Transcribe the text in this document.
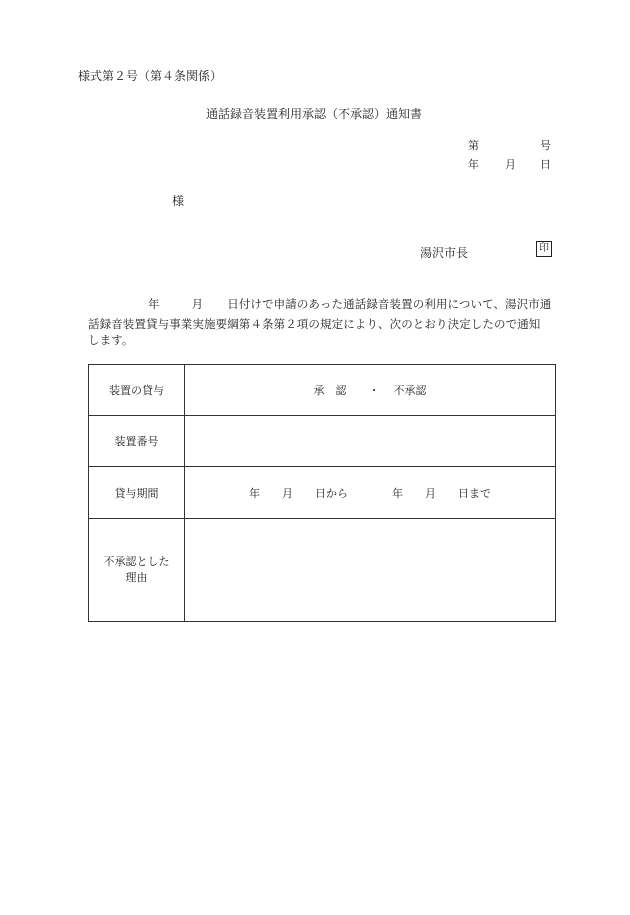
様式第２号（第４条関係）
通話録音装置利用承認（不承認）通知書
第	号
年 月 日
様
湯沢市長	印
年	月 日付けで申請のあった通話録音装置の利用について、湯沢市通
話録音装置貸与事業実施要綱第４条第２項の規定により、次のとおり決定したので通知
します。
装置の貸与	承　認 ・ 不承認
装置番号	
貸与期間	年 月 日から 年 月 日まで
不承認とした
理由	
